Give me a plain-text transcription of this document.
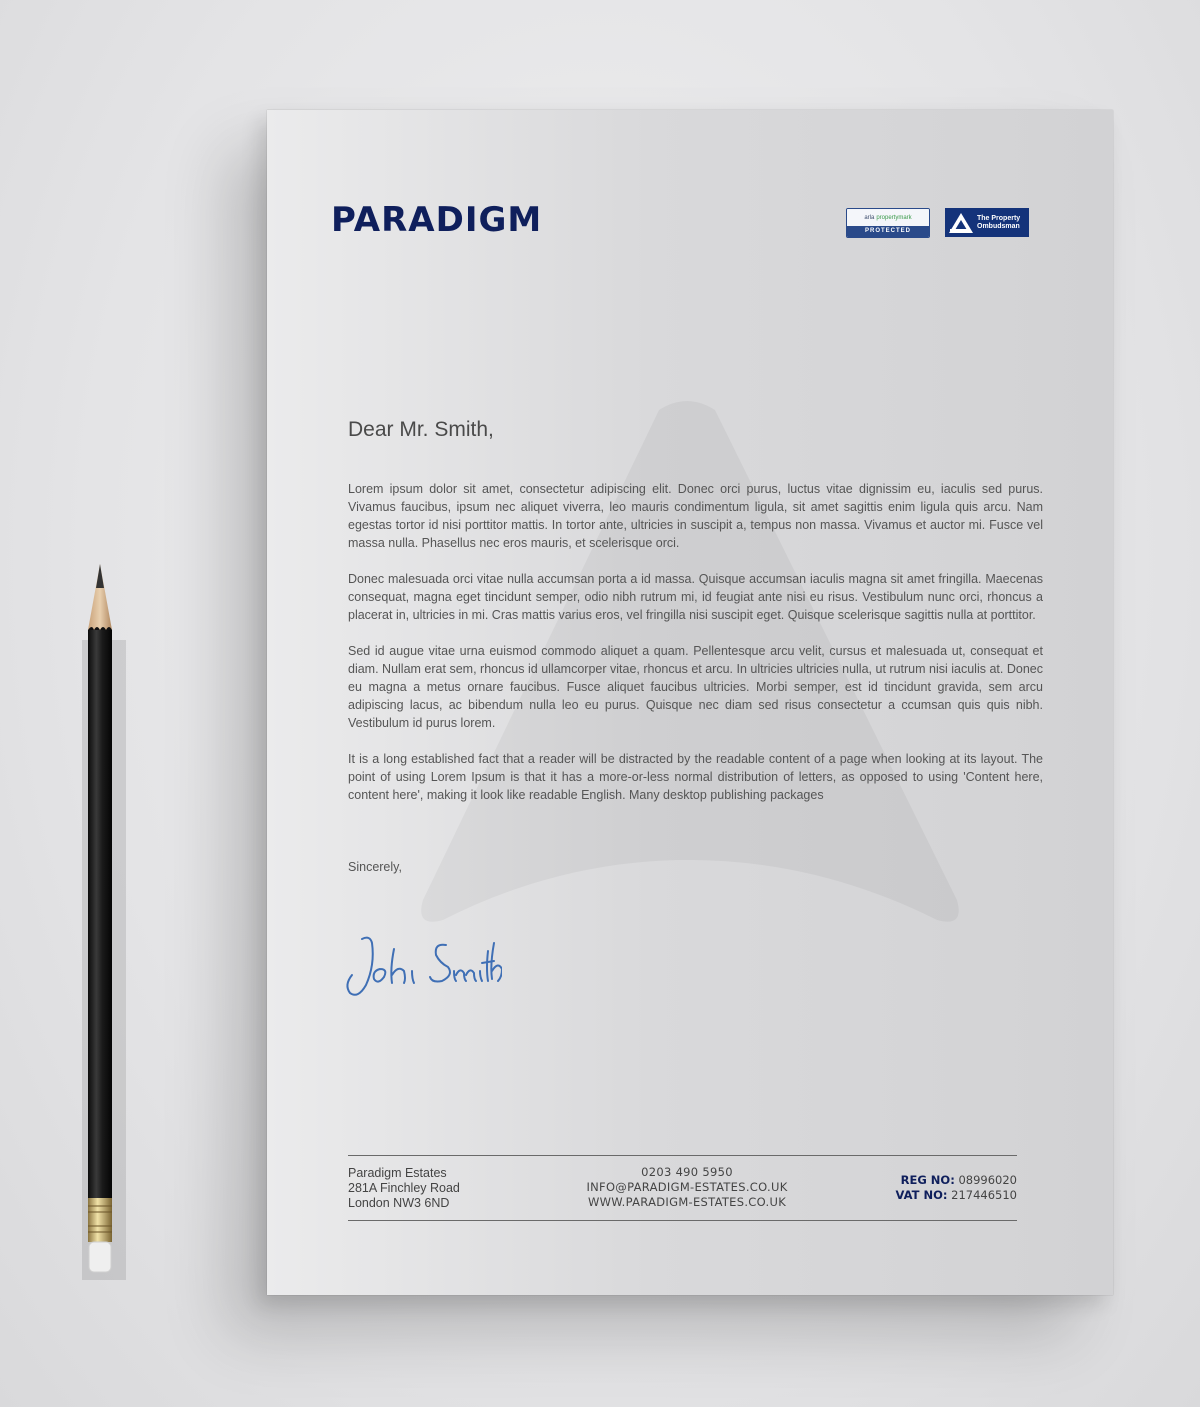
PARADIGM	arla propertymark
PROTECTED
The Property
Ombudsman
Dear Mr. Smith,

Lorem ipsum dolor sit amet, consectetur adipiscing elit. Donec orci purus, luctus vitae dignissim eu, iaculis sed purus. Vivamus faucibus, ipsum nec aliquet viverra, leo mauris condimentum ligula, sit amet sagittis enim ligula quis arcu. Nam egestas tortor id nisi porttitor mattis. In tortor ante, ultricies in suscipit a, tempus non massa. Vivamus et auctor mi. Fusce vel massa nulla. Phasellus nec eros mauris, et scelerisque orci.

Donec malesuada orci vitae nulla accumsan porta a id massa. Quisque accumsan iaculis magna sit amet fringilla. Maecenas consequat, magna eget tincidunt semper, odio nibh rutrum mi, id feugiat ante nisi eu risus. Vestibulum nunc orci, rhoncus a placerat in, ultricies in mi. Cras mattis varius eros, vel fringilla nisi suscipit eget. Quisque scelerisque sagittis nulla at porttitor.

Sed id augue vitae urna euismod commodo aliquet a quam. Pellentesque arcu velit, cursus et malesuada ut, consequat et diam. Nullam erat sem, rhoncus id ullamcorper vitae, rhoncus et arcu. In ultricies ultricies nulla, ut rutrum nisi iaculis at. Donec eu magna a metus ornare faucibus. Fusce aliquet faucibus ultricies. Morbi semper, est id tincidunt gravida, sem arcu adipiscing lacus, ac bibendum nulla leo eu purus. Quisque nec diam sed risus consectetur a ccumsan quis quis nibh. Vestibulum id purus lorem.

It is a long established fact that a reader will be distracted by the readable content of a page when looking at its layout. The point of using Lorem Ipsum is that it has a more-or-less normal distribution of letters, as opposed to using 'Content here, content here', making it look like readable English. Many desktop publishing packages

Sincerely,
Paradigm Estates
281A Finchley Road
London NW3 6ND
0203 490 5950
INFO@PARADIGM-ESTATES.CO.UK
WWW.PARADIGM-ESTATES.CO.UK
REG NO: 08996020
VAT NO: 217446510
